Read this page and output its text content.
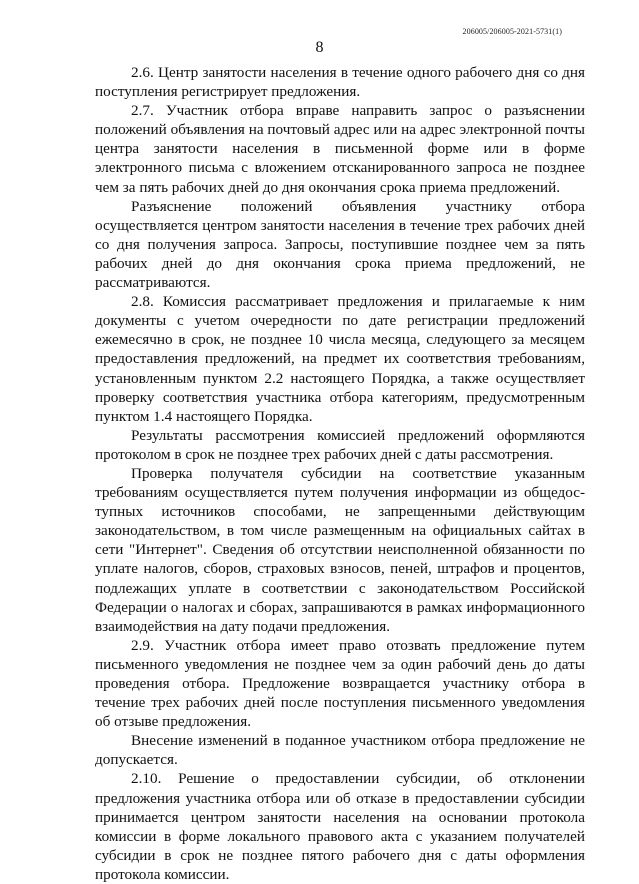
206005/206005-2021-5731(1)
8

2.6. Центр занятости населения в течение одного рабочего дня со дня поступления регистрирует предложения.

2.7. Участник отбора вправе направить запрос о разъяснении положений объявления на почтовый адрес или на адрес электронной почты центра занятости населения в письменной форме или в форме электронного письма с вложением отсканированного запроса не позднее чем за пять рабочих дней до дня окончания срока приема предложений.

Разъяснение положений объявления участнику отбора осуществляется центром занятости населения в течение трех рабочих дней со дня получения запроса. Запросы, поступившие позднее чем за пять рабочих дней до дня окончания срока приема предложений, не рассматриваются.

2.8. Комиссия рассматривает предложения и прилагаемые к ним документы с учетом очередности по дате регистрации предложений ежемесячно в срок, не позднее 10 числа месяца, следующего за месяцем предоставления предложений, на предмет их соответствия требованиям, установленным пунктом 2.2 настоящего Порядка, а также осуществляет проверку соответствия участника отбора категориям, предусмотренным пунктом 1.4 настоящего Порядка.

Результаты рассмотрения комиссией предложений оформляются протоколом в срок не позднее трех рабочих дней с даты рассмотрения.

Проверка получателя субсидии на соответствие указанным требованиям осуществляется путем получения информации из общедоступных источников способами, не запрещенными действующим законодательством, в том числе размещенным на официальных сайтах в сети "Интернет". Сведения об отсутствии неисполненной обязанности по уплате налогов, сборов, страховых взносов, пеней, штрафов и процентов, подлежащих уплате в соответствии с законодательством Российской Федерации о налогах и сборах, запрашиваются в рамках информационного взаимодействия на дату подачи предложения.

2.9. Участник отбора имеет право отозвать предложение путем письменного уведомления не позднее чем за один рабочий день до даты проведения отбора. Предложение возвращается участнику отбора в течение трех рабочих дней после поступления письменного уведомления об отзыве предложения.

Внесение изменений в поданное участником отбора предложение не допускается.

2.10. Решение о предоставлении субсидии, об отклонении предложения участника отбора или об отказе в предоставлении субсидии принимается центром занятости населения на основании протокола комиссии в форме локального правового акта с указанием получателей субсидии в срок не позднее пятого рабочего дня с даты оформления протокола комиссии.
